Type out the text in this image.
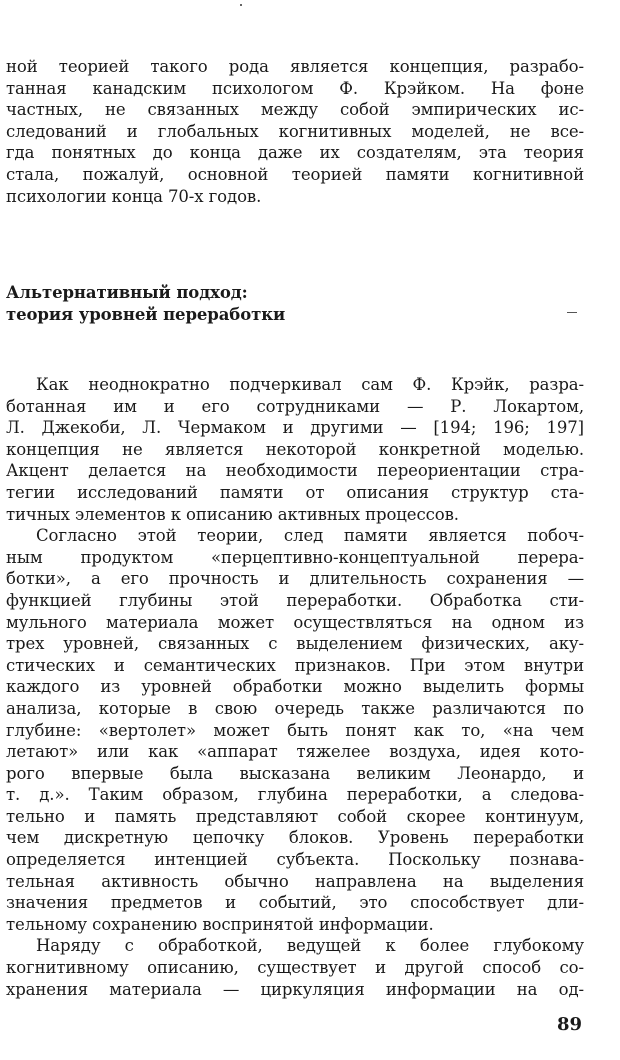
ной теорией такого рода является концепция, разрабо-
танная канадским психологом Ф. Крэйком. На фоне
частных, не связанных между собой эмпирических ис-
следований и глобальных когнитивных моделей, не все-
гда понятных до конца даже их создателям, эта теория
стала, пожалуй, основной теорией памяти когнитивной
психологии конца 70-х годов.
Альтернативный подход:
теория уровней переработки
Как неоднократно подчеркивал сам Ф. Крэйк, разра-
ботанная им и его сотрудниками — Р. Локартом,
Л. Джекоби, Л. Чермаком и другими — [194; 196; 197]
концепция не является некоторой конкретной моделью.
Акцент делается на необходимости переориентации стра-
тегии исследований памяти от описания структур ста-
тичных элементов к описанию активных процессов.
Согласно этой теории, след памяти является побоч-
ным продуктом «перцептивно-концептуальной перера-
ботки», а его прочность и длительность сохранения —
функцией глубины этой переработки. Обработка сти-
мульного материала может осуществляться на одном из
трех уровней, связанных с выделением физических, аку-
стических и семантических признаков. При этом внутри
каждого из уровней обработки можно выделить формы
анализа, которые в свою очередь также различаются по
глубине: «вертолет» может быть понят как то, «на чем
летают» или как «аппарат тяжелее воздуха, идея кото-
рого впервые была высказана великим Леонардо, и
т. д.». Таким образом, глубина переработки, а следова-
тельно и память представляют собой скорее континуум,
чем дискретную цепочку блоков. Уровень переработки
определяется интенцией субъекта. Поскольку познава-
тельная активность обычно направлена на выделения
значения предметов и событий, это способствует дли-
тельному сохранению воспринятой информации.
Наряду с обработкой, ведущей к более глубокому
когнитивному описанию, существует и другой способ со-
хранения материала — циркуляция информации на од-
89
